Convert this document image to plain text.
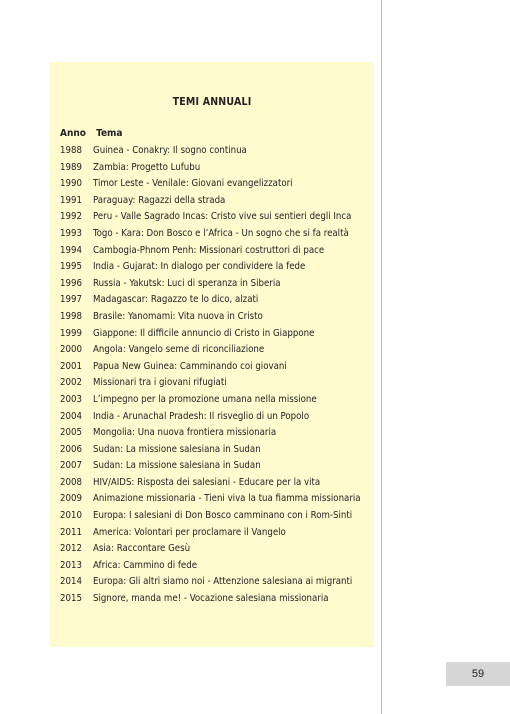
TEMI ANNUALI
Anno Tema
1988	Guinea - Conakry: Il sogno continua
1989	Zambia: Progetto Lufubu
1990	Timor Leste - Venilale: Giovani evangelizzatori
1991	Paraguay: Ragazzi della strada
1992	Peru - Valle Sagrado Incas: Cristo vive sui sentieri degli Inca
1993	Togo - Kara: Don Bosco e l’Africa - Un sogno che si fa realtà
1994	Cambogia-Phnom Penh: Missionari costruttori di pace
1995	India - Gujarat: In dialogo per condividere la fede
1996	Russia - Yakutsk: Luci di speranza in Siberia
1997	Madagascar: Ragazzo te lo dico, alzati
1998	Brasile: Yanomami: Vita nuova in Cristo
1999	Giappone: Il difficile annuncio di Cristo in Giappone
2000	Angola: Vangelo seme di riconciliazione
2001	Papua New Guinea: Camminando coi giovani
2002	Missionari tra i giovani rifugiati
2003	L’impegno per la promozione umana nella missione
2004	India - Arunachal Pradesh: Il risveglio di un Popolo
2005	Mongolia: Una nuova frontiera missionaria
2006	Sudan: La missione salesiana in Sudan
2007	Sudan: La missione salesiana in Sudan
2008	HIV/AIDS: Risposta dei salesiani - Educare per la vita
2009	Animazione missionaria - Tieni viva la tua fiamma missionaria
2010	Europa: I salesiani di Don Bosco camminano con i Rom-Sinti
2011	America: Volontari per proclamare il Vangelo
2012	Asia: Raccontare Gesù
2013	Africa: Cammino di fede
2014	Europa: Gli altri siamo noi - Attenzione salesiana ai migranti
2015	Signore, manda me! - Vocazione salesiana missionaria
59
